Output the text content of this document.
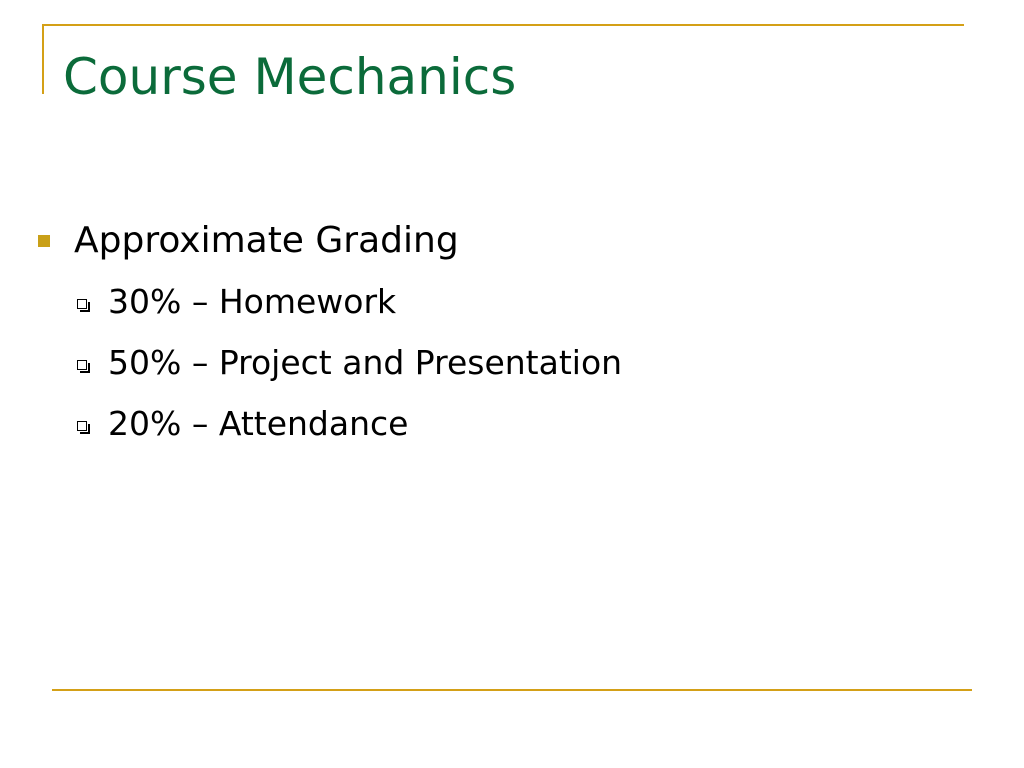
Course Mechanics
Approximate Grading
30% – Homework
50% – Project and Presentation
20% – Attendance
